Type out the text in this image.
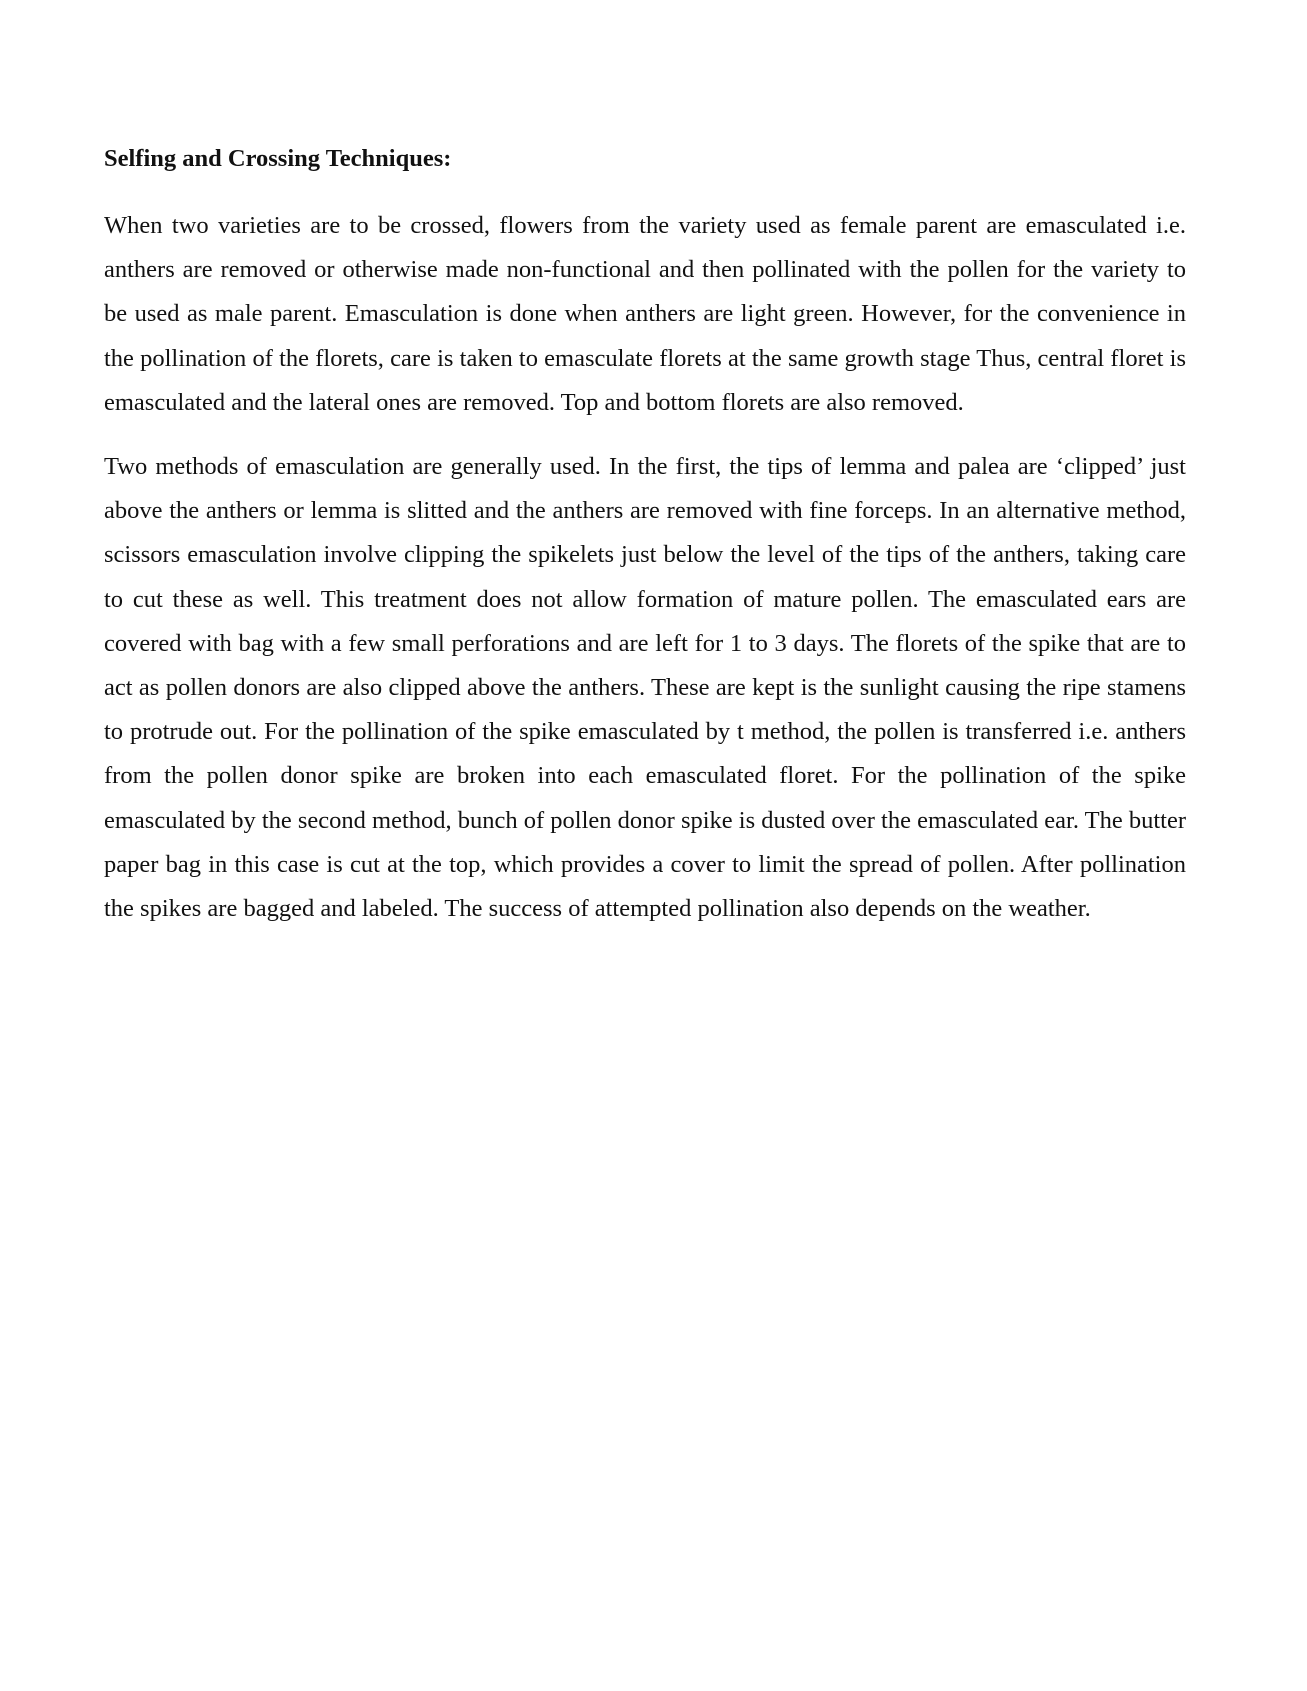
Selfing and Crossing Techniques:

When two varieties are to be crossed, flowers from the variety used as female parent are emasculated i.e. anthers are removed or otherwise made non-functional and then pollinated with the pollen for the variety to be used as male parent. Emasculation is done when anthers are light green. However, for the convenience in the pollination of the florets, care is taken to emasculate florets at the same growth stage Thus, central floret is emasculated and the lateral ones are removed. Top and bottom florets are also removed.

Two methods of emasculation are generally used. In the first, the tips of lemma and palea are ‘clipped’ just above the anthers or lemma is slitted and the anthers are removed with fine forceps. In an alternative method, scissors emasculation involve clipping the spikelets just below the level of the tips of the anthers, taking care to cut these as well. This treatment does not allow formation of mature pollen. The emasculated ears are covered with bag with a few small perforations and are left for 1 to 3 days. The florets of the spike that are to act as pollen donors are also clipped above the anthers. These are kept is the sunlight causing the ripe stamens to protrude out. For the pollination of the spike emasculated by t method, the pollen is transferred i.e. anthers from the pollen donor spike are broken into each emasculated floret. For the pollination of the spike emasculated by the second method, bunch of pollen donor spike is dusted over the emasculated ear. The butter paper bag in this case is cut at the top, which provides a cover to limit the spread of pollen. After pollination the spikes are bagged and labeled. The success of attempted pollination also depends on the weather.
